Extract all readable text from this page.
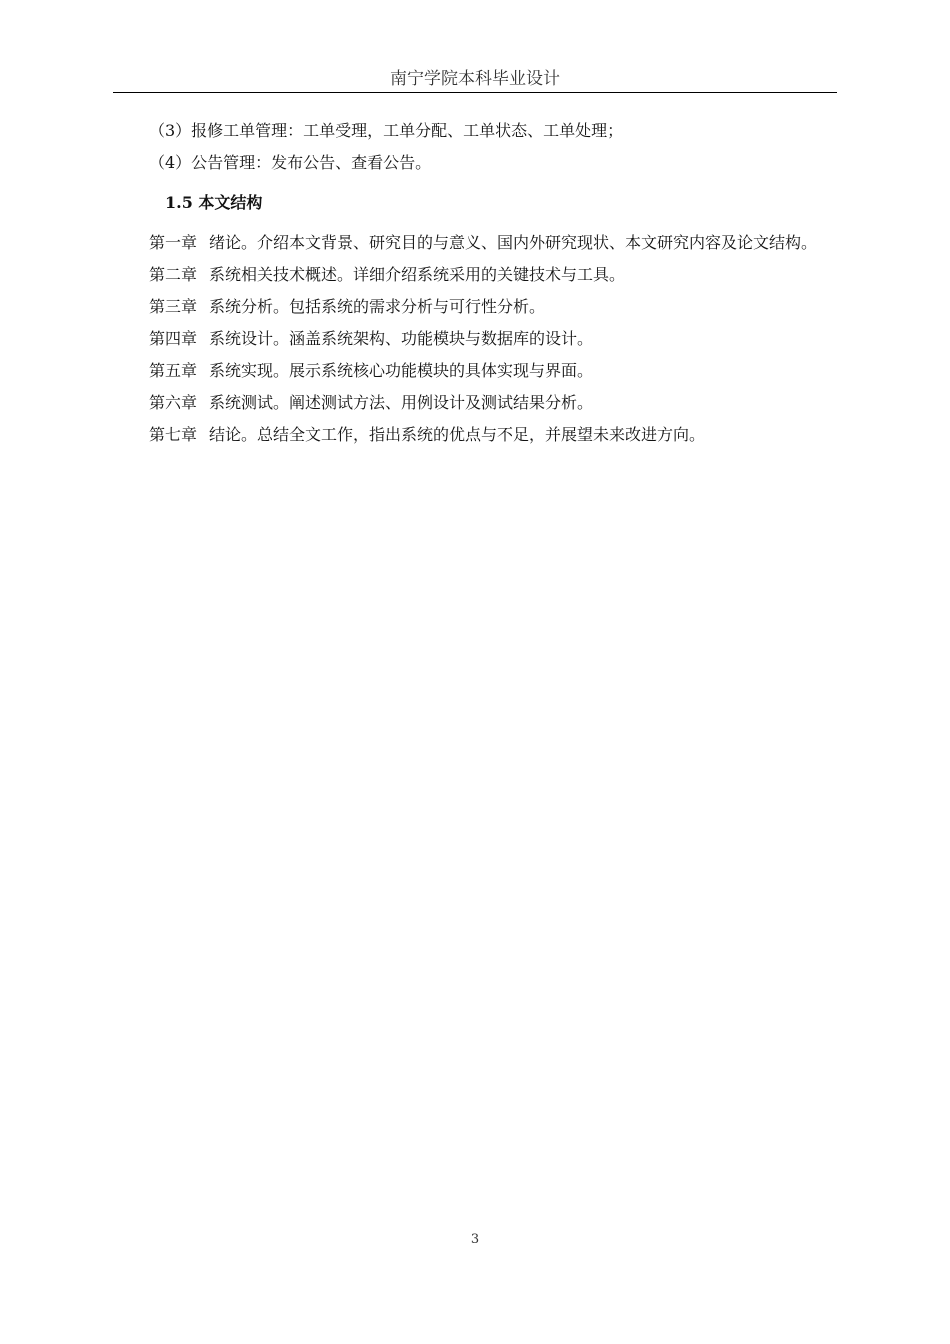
南宁学院本科毕业设计

（3）报修工单管理：工单受理，工单分配、工单状态、工单处理；

（4）公告管理：发布公告、查看公告。

1.5 本文结构

第一章 绪论。介绍本文背景、研究目的与意义、国内外研究现状、本文研究内容及论文结构。

第二章 系统相关技术概述。详细介绍系统采用的关键技术与工具。

第三章 系统分析。包括系统的需求分析与可行性分析。

第四章 系统设计。涵盖系统架构、功能模块与数据库的设计。

第五章 系统实现。展示系统核心功能模块的具体实现与界面。

第六章 系统测试。阐述测试方法、用例设计及测试结果分析。

第七章 结论。总结全文工作，指出系统的优点与不足，并展望未来改进方向。

3
